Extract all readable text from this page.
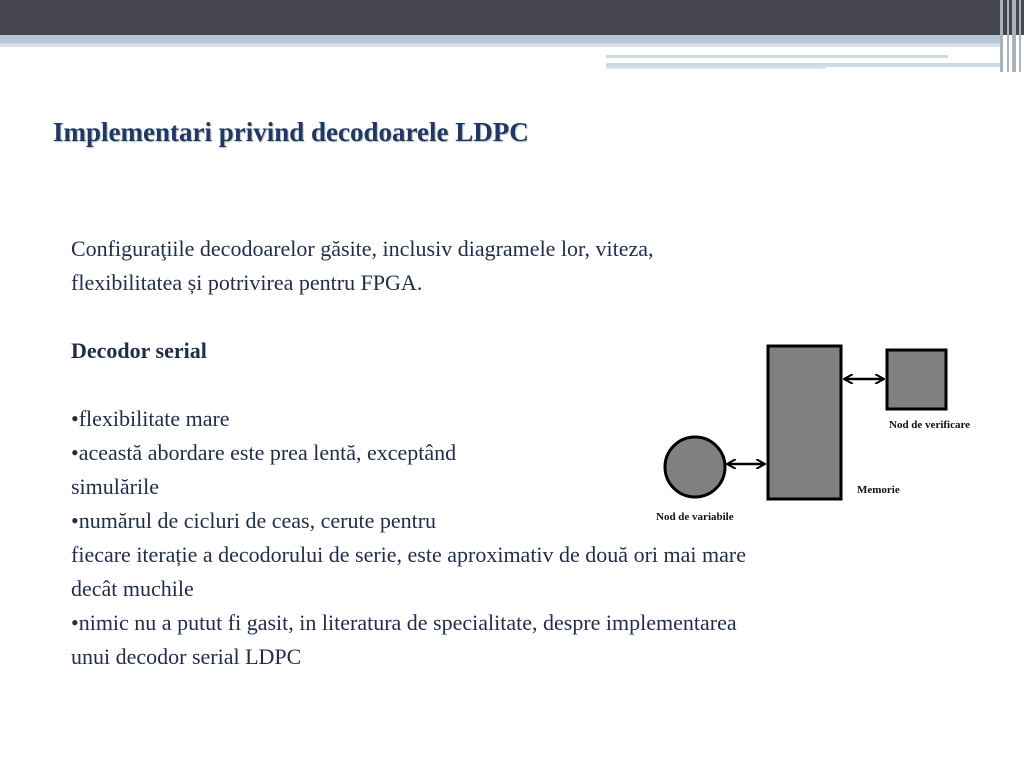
Implementari privind decodoarele LDPC

Configuraţiile decodoarelor găsite, inclusiv diagramele lor, viteza,

flexibilitatea și potrivirea pentru FPGA.

Decodor serial

•flexibilitate mare

•această abordare este prea lentă, exceptând

simulările

•numărul de cicluri de ceas, cerute pentru

fiecare iterație a decodorului de serie, este aproximativ de două ori mai mare

decât muchile

•nimic nu a putut fi gasit, in literatura de specialitate, despre implementarea

unui decodor serial LDPC

Nod de verificare
Memorie
Nod de variabile
